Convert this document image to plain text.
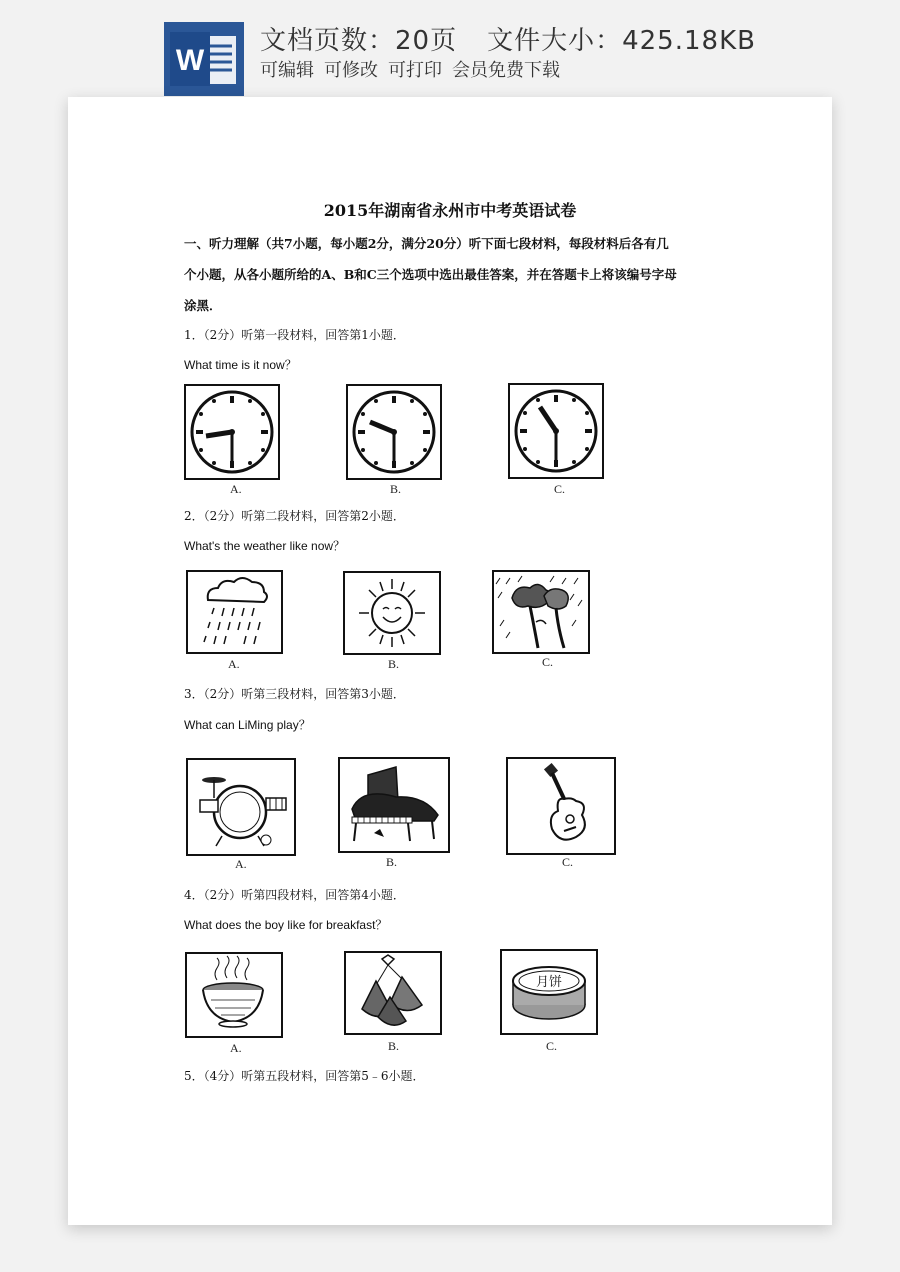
W
文档页数：20页 文件大小：425.18KB
可编辑 可修改 可打印 会员免费下载
2015年湖南省永州市中考英语试卷
一、听力理解（共7小题，每小题2分，满分20分）听下面七段材料，每段材料后各有几
个小题，从各小题所给的A、B和C三个选项中选出最佳答案，并在答题卡上将该编号字母
涂黑．
1．（2分）听第一段材料，回答第1小题．
What time is it now？
A.	B.	C.
2．（2分）听第二段材料，回答第2小题．
What's the weather like now？
A.	B.	C.
3．（2分）听第三段材料，回答第3小题．
What can LiMing play？
A.	B.	C.
4．（2分）听第四段材料，回答第4小题．
What does the boy like for breakfast？
A.	B.
月饼
C.
5．（4分）听第五段材料，回答第5﹣6小题．
